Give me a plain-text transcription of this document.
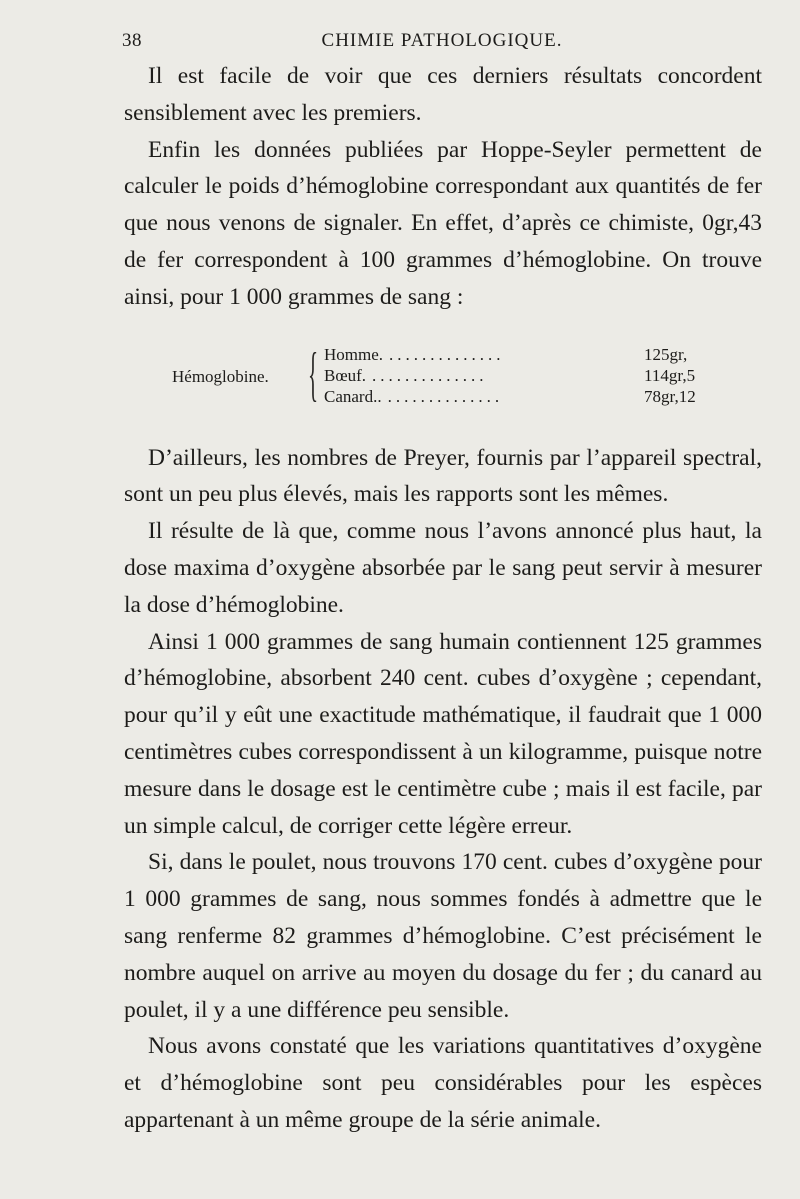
38	CHIMIE PATHOLOGIQUE.

Il est facile de voir que ces derniers résultats concordent sensiblement avec les premiers.

Enfin les données publiées par Hoppe-Seyler permettent de calculer le poids d’hémoglobine correspondant aux quantités de fer que nous venons de signaler. En effet, d’après ce chimiste, 0gr,43 de fer correspondent à 100 grammes d’hémoglobine. On trouve ainsi, pour 1 000 grammes de sang :

Hémoglobine. { Homme. ..............
Bœuf. ..............
Canard.. ..............
125gr,
114gr,5
78gr,12

D’ailleurs, les nombres de Preyer, fournis par l’appareil spectral, sont un peu plus élevés, mais les rapports sont les mêmes.

Il résulte de là que, comme nous l’avons annoncé plus haut, la dose maxima d’oxygène absorbée par le sang peut servir à mesurer la dose d’hémoglobine.

Ainsi 1 000 grammes de sang humain contiennent 125 grammes d’hémoglobine, absorbent 240 cent. cubes d’oxygène ; cependant, pour qu’il y eût une exactitude mathématique, il faudrait que 1 000 centimètres cubes correspondissent à un kilogramme, puisque notre mesure dans le dosage est le centimètre cube ; mais il est facile, par un simple calcul, de corriger cette légère erreur.

Si, dans le poulet, nous trouvons 170 cent. cubes d’oxygène pour 1 000 grammes de sang, nous sommes fondés à admettre que le sang renferme 82 grammes d’hémoglobine. C’est précisément le nombre auquel on arrive au moyen du dosage du fer ; du canard au poulet, il y a une différence peu sensible.

Nous avons constaté que les variations quantitatives d’oxygène et d’hémoglobine sont peu considérables pour les espèces appartenant à un même groupe de la série animale.
